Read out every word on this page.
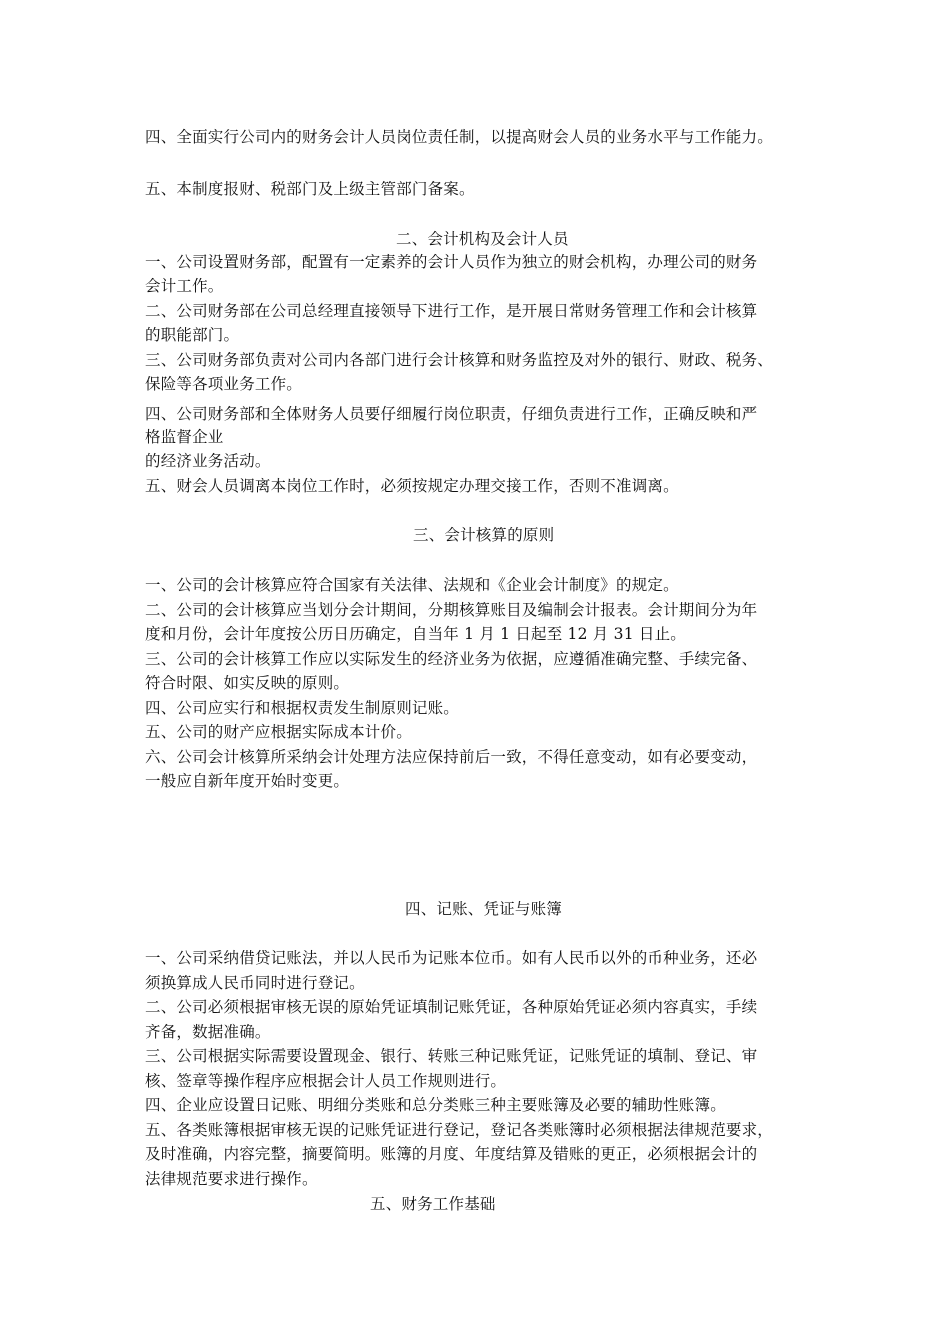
四、全面实行公司内的财务会计人员岗位责任制，以提高财会人员的业务水平与工作能力。
五、本制度报财、税部门及上级主管部门备案。
二、会计机构及会计人员
一、公司设置财务部，配置有一定素养的会计人员作为独立的财会机构，办理公司的财务
会计工作。
二、公司财务部在公司总经理直接领导下进行工作，是开展日常财务管理工作和会计核算
的职能部门。
三、公司财务部负责对公司内各部门进行会计核算和财务监控及对外的银行、财政、税务、
保险等各项业务工作。
四、公司财务部和全体财务人员要仔细履行岗位职责，仔细负责进行工作，正确反映和严
格监督企业
的经济业务活动。
五、财会人员调离本岗位工作时，必须按规定办理交接工作，否则不准调离。
三、会计核算的原则
一、公司的会计核算应符合国家有关法律、法规和《企业会计制度》的规定。
二、公司的会计核算应当划分会计期间，分期核算账目及编制会计报表。会计期间分为年
度和月份，会计年度按公历日历确定，自当年 1 月 1 日起至 12 月 31 日止。
三、公司的会计核算工作应以实际发生的经济业务为依据，应遵循准确完整、手续完备、
符合时限、如实反映的原则。
四、公司应实行和根据权责发生制原则记账。
五、公司的财产应根据实际成本计价。
六、公司会计核算所采纳会计处理方法应保持前后一致，不得任意变动，如有必要变动，
一般应自新年度开始时变更。
四、记账、凭证与账簿
一、公司采纳借贷记账法，并以人民币为记账本位币。如有人民币以外的币种业务，还必
须换算成人民币同时进行登记。
二、公司必须根据审核无误的原始凭证填制记账凭证，各种原始凭证必须内容真实，手续
齐备，数据准确。
三、公司根据实际需要设置现金、银行、转账三种记账凭证，记账凭证的填制、登记、审
核、签章等操作程序应根据会计人员工作规则进行。
四、企业应设置日记账、明细分类账和总分类账三种主要账簿及必要的辅助性账簿。
五、各类账簿根据审核无误的记账凭证进行登记，登记各类账簿时必须根据法律规范要求，
及时准确，内容完整，摘要简明。账簿的月度、年度结算及错账的更正，必须根据会计的
法律规范要求进行操作。
五、财务工作基础
